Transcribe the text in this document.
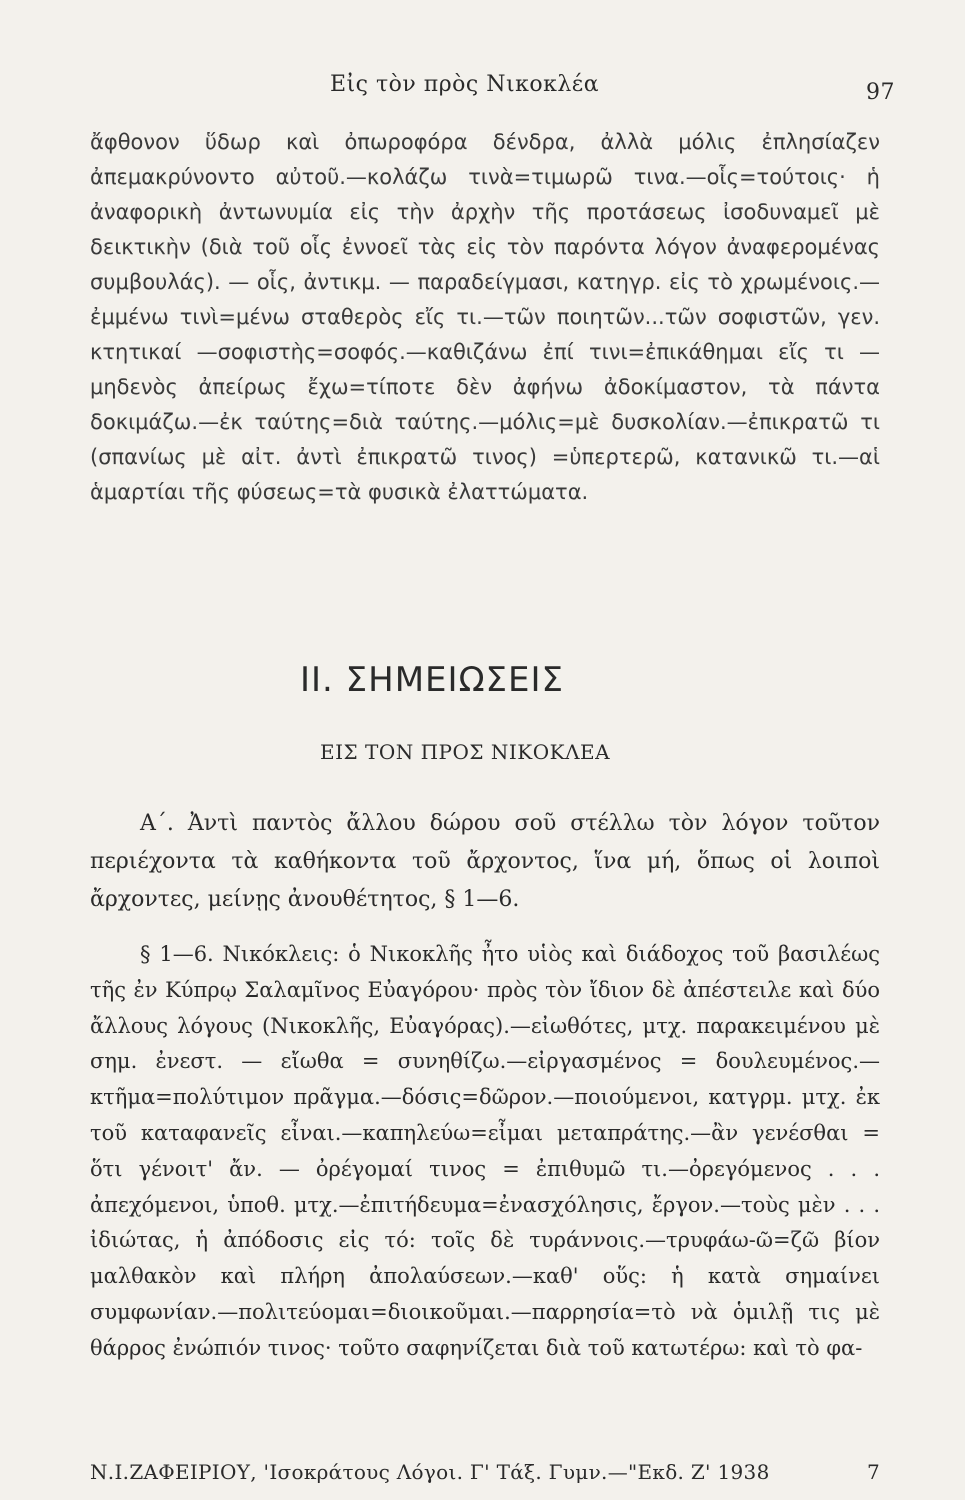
Εἰς τὸν πρὸς Νικοκλέα	97

ἄφθονον ὕδωρ καὶ ὀπωροφόρα δένδρα, ἀλλὰ μόλις ἐπλησίαζεν ἀπεμακρύνοντο αὐτοῦ.—κολάζω τινὰ=τιμωρῶ τινα.—οἷς=τούτοις· ἡ ἀναφορικὴ ἀντωνυμία εἰς τὴν ἀρχὴν τῆς προτάσεως ἰσοδυναμεῖ μὲ δεικτικὴν (διὰ τοῦ οἷς ἐννοεῖ τὰς εἰς τὸν παρόντα λόγον ἀναφερομένας συμβουλάς). — οἷς, ἀντικμ. — παραδείγμασι, κατηγρ. εἰς τὸ χρωμένοις.—ἐμμένω τινὶ=μένω σταθερὸς εἴς τι.—τῶν ποιητῶν...τῶν σοφιστῶν, γεν. κτητικαί —σοφιστὴς=σοφός.—καθιζάνω ἐπί τινι=ἐπικάθημαι εἴς τι —μηδενὸς ἀπείρως ἔχω=τίποτε δὲν ἀφήνω ἀδοκίμαστον, τὰ πάντα δοκιμάζω.—ἐκ ταύτης=διὰ ταύτης.—μόλις=μὲ δυσκολίαν.—ἐπικρατῶ τι (σπανίως μὲ αἰτ. ἀντὶ ἐπικρατῶ τινος) =ὑπερτερῶ, κατανικῶ τι.—αἱ ἁμαρτίαι τῆς φύσεως=τὰ φυσικὰ ἐλαττώματα.

II. ΣΗΜΕΙΩΣΕΙΣ
ΕΙΣ ΤΟΝ ΠΡΟΣ ΝΙΚΟΚΛΕΑ

Α΄. Ἀντὶ παντὸς ἄλλου δώρου σοῦ στέλλω τὸν λόγον τοῦτον περιέχοντα τὰ καθήκοντα τοῦ ἄρχοντος, ἵνα μή, ὅπως οἱ λοιποὶ ἄρχοντες, μείνῃς ἀνουθέτητος, § 1—6.

§ 1—6. Νικόκλεις: ὁ Νικοκλῆς ἦτο υἱὸς καὶ διάδοχος τοῦ βασιλέως τῆς ἐν Κύπρῳ Σαλαμῖνος Εὐαγόρου· πρὸς τὸν ἴδιον δὲ ἀπέστειλε καὶ δύο ἄλλους λόγους (Νικοκλῆς, Εὐαγόρας).—εἰωθότες, μτχ. παρακειμένου μὲ σημ. ἐνεστ. — εἴωθα = συνηθίζω.—εἰργασμένος = δουλευμένος.—κτῆμα=πολύτιμον πρᾶγμα.—δόσις=δῶρον.—ποιούμενοι, κατγρμ. μτχ. ἐκ τοῦ καταφανεῖς εἶναι.—καπηλεύω=εἶμαι μεταπράτης.—ἂν γενέσθαι = ὅτι γένοιτ' ἄν. — ὀρέγομαί τινος = ἐπιθυμῶ τι.—ὀρεγόμενος . . . ἀπεχόμενοι, ὑποθ. μτχ.—ἐπιτήδευμα=ἐνασχόλησις, ἔργον.—τοὺς μὲν . . . ἰδιώτας, ἡ ἀπόδοσις εἰς τό: τοῖς δὲ τυράννοις.—τρυφάω-ῶ=ζῶ βίον μαλθακὸν καὶ πλήρη ἀπολαύσεων.—καθ' οὕς: ἡ κατὰ σημαίνει συμφωνίαν.—πολιτεύομαι=διοικοῦμαι.—παρρησία=τὸ νὰ ὁμιλῇ τις μὲ θάρρος ἐνώπιόν τινος· τοῦτο σαφηνίζεται διὰ τοῦ κατωτέρω: καὶ τὸ φα-

Ν.Ι.ΖΑΦΕΙΡΙΟΥ, 'Ισοκράτους Λόγοι. Γ' Τάξ. Γυμν.—"Εκδ. Ζ' 1938	7
